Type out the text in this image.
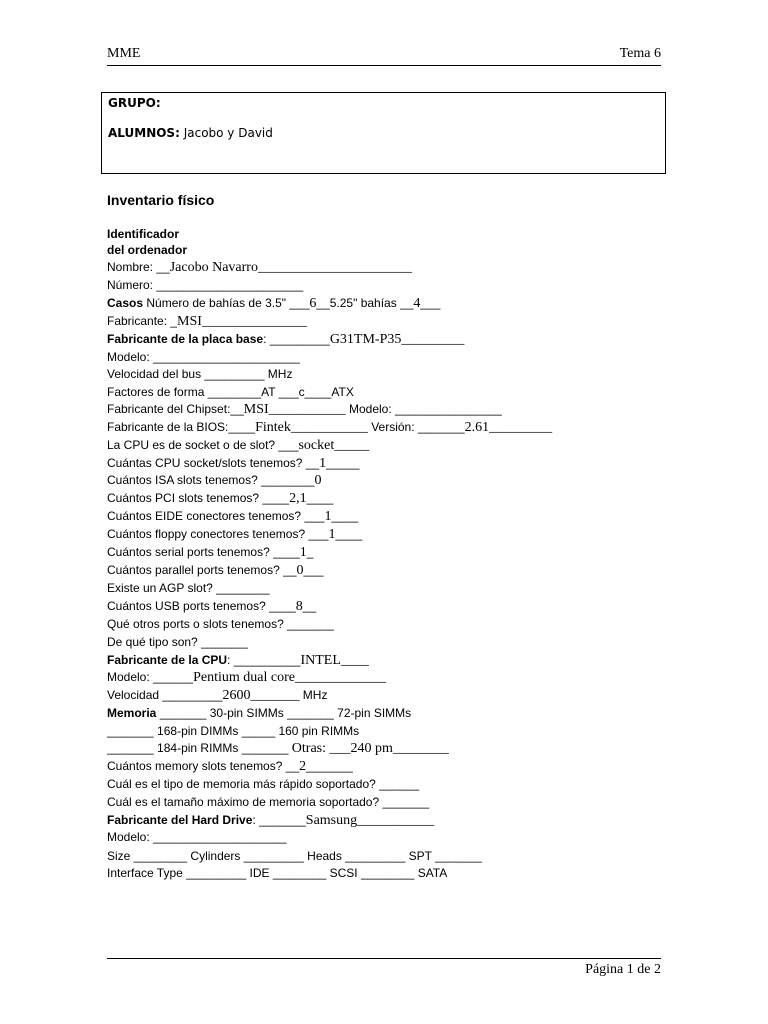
MME	Tema 6
GRUPO:
ALUMNOS: Jacobo y David
Inventario físico
Identificador
del ordenador
Nombre: __Jacobo Navarro______________________
Número: ______________________
Casos Número de bahías de 3.5" ___6__5.25" bahías __4___
Fabricante: _MSI_______________
Fabricante de la placa base: _________G31TM-P35_________
Modelo: ______________________
Velocidad del bus _________ MHz
Factores de forma ________AT ___c____ATX
Fabricante del Chipset:__MSI___________ Modelo: ________________
Fabricante de la BIOS:____Fintek___________ Versión: _______2.61_________
La CPU es de socket o de slot? ___socket_____
Cuántas CPU socket/slots tenemos? __1_____
Cuántos ISA slots tenemos? ________0
Cuántos PCI slots tenemos? ____2,1____
Cuántos EIDE conectores tenemos? ___1____
Cuántos floppy conectores tenemos? ___1____
Cuántos serial ports tenemos? ____1_
Cuántos parallel ports tenemos? __0___
Existe un AGP slot? ________
Cuántos USB ports tenemos? ____8__
Qué otros ports o slots tenemos? _______
De qué tipo son? _______
Fabricante de la CPU: __________INTEL____
Modelo: ______Pentium dual core_____________
Velocidad _________2600_______ MHz
Memoria _______ 30-pin SIMMs _______ 72-pin SIMMs
_______ 168-pin DIMMs _____ 160 pin RIMMs
_______ 184-pin RIMMs _______ Otras: ___240 pm________
Cuántos memory slots tenemos? __2_______
Cuál es el tipo de memoria más rápido soportado? ______
Cuál es el tamaño máximo de memoria soportado? _______
Fabricante del Hard Drive: _______Samsung___________
Modelo: ____________________
Size ________ Cylinders _________ Heads _________ SPT _______
Interface Type _________ IDE ________ SCSI ________ SATA
Página 1 de 2
